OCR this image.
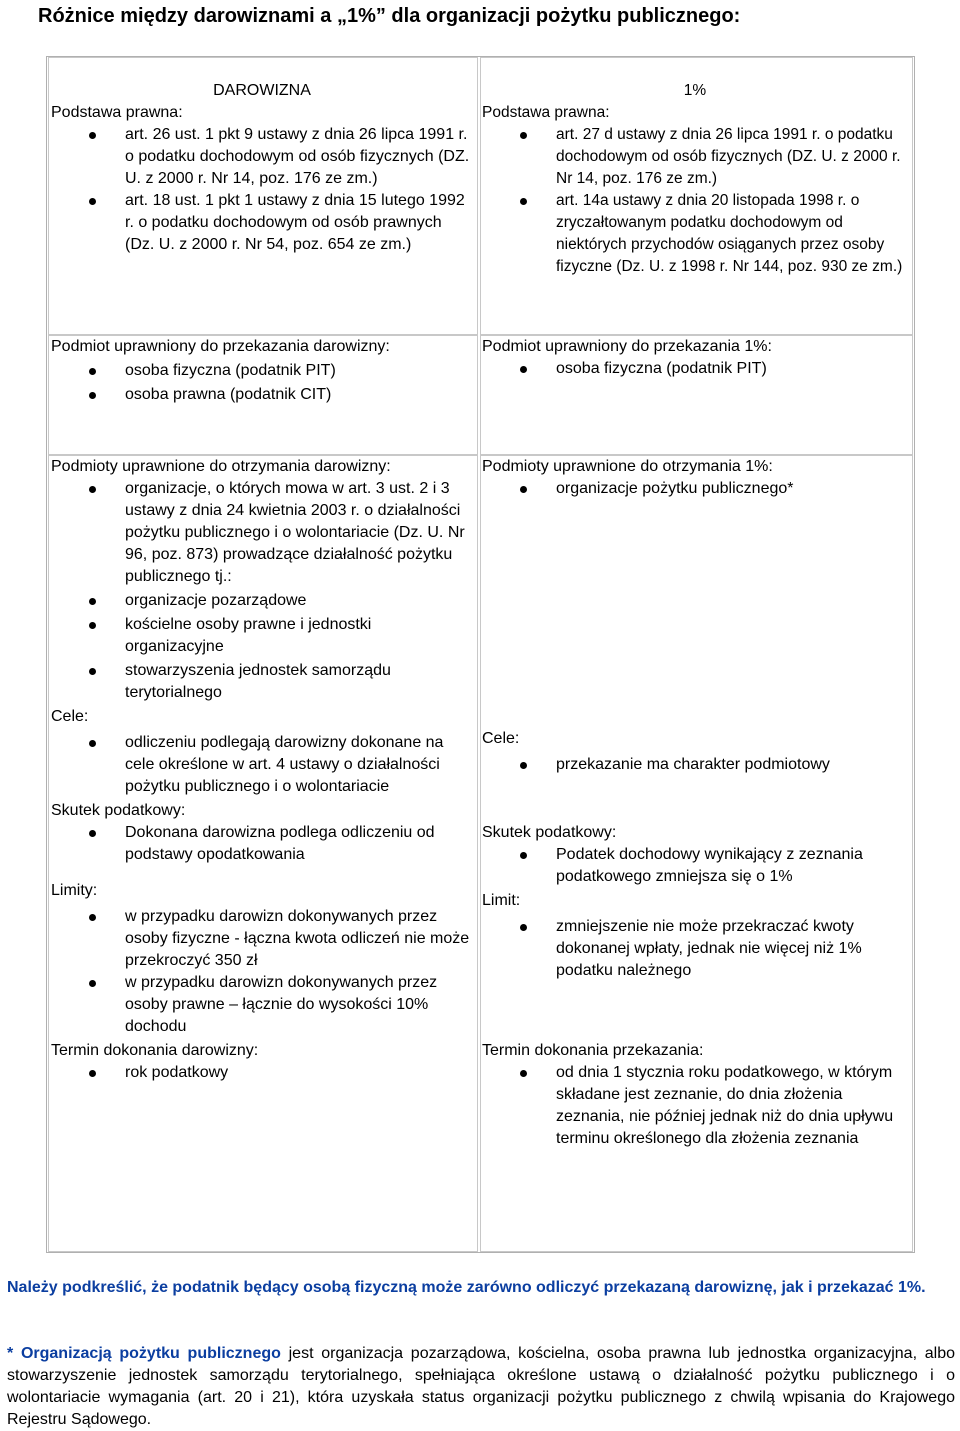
Różnice między darowiznami a „1%” dla organizacji pożytku publicznego:
DAROWIZNA
Podstawa prawna:
art. 26 ust. 1 pkt 9 ustawy z dnia 26 lipca 1991 r. o podatku dochodowym od osób fizycznych (DZ. U. z 2000 r. Nr 14, poz. 176 ze zm.)
art. 18 ust. 1 pkt 1 ustawy z dnia 15 lutego 1992 r. o podatku dochodowym od osób prawnych (Dz. U. z 2000 r. Nr 54, poz. 654 ze zm.)
1%
Podstawa prawna:
art. 27 d ustawy z dnia 26 lipca 1991 r. o podatku dochodowym od osób fizycznych (DZ. U. z 2000 r. Nr 14, poz. 176 ze zm.)
art. 14a ustawy z dnia 20 listopada 1998 r. o zryczałtowanym podatku dochodowym od niektórych przychodów osiąganych przez osoby fizyczne (Dz. U. z 1998 r. Nr 144, poz. 930 ze zm.)
Podmiot uprawniony do przekazania darowizny:
osoba fizyczna (podatnik PIT)
osoba prawna (podatnik CIT)
Podmiot uprawniony do przekazania 1%:
osoba fizyczna (podatnik PIT)
Podmioty uprawnione do otrzymania darowizny:
organizacje, o których mowa w art. 3 ust. 2 i 3 ustawy z dnia 24 kwietnia 2003 r. o działalności pożytku publicznego i o wolontariacie (Dz. U. Nr 96, poz. 873) prowadzące działalność pożytku publicznego tj.:
organizacje pozarządowe
kościelne osoby prawne i jednostki organizacyjne
stowarzyszenia jednostek samorządu terytorialnego
Cele:
odliczeniu podlegają darowizny dokonane na cele określone w art. 4 ustawy o działalności pożytku publicznego i o wolontariacie
Skutek podatkowy:
Dokonana darowizna podlega odliczeniu od podstawy opodatkowania
Limity:
w przypadku darowizn dokonywanych przez osoby fizyczne - łączna kwota odliczeń nie może przekroczyć 350 zł
w przypadku darowizn dokonywanych przez osoby prawne – łącznie do wysokości 10% dochodu
Termin dokonania darowizny:
rok podatkowy
Podmioty uprawnione do otrzymania 1%:
organizacje pożytku publicznego*
Cele:
przekazanie ma charakter podmiotowy
Skutek podatkowy:
Podatek dochodowy wynikający z zeznania podatkowego zmniejsza się o 1%
Limit:
zmniejszenie nie może przekraczać kwoty dokonanej wpłaty, jednak nie więcej niż 1% podatku należnego
Termin dokonania przekazania:
od dnia 1 stycznia roku podatkowego, w którym składane jest zeznanie, do dnia złożenia zeznania, nie później jednak niż do dnia upływu terminu określonego dla złożenia zeznania

Należy podkreślić, że podatnik będący osobą fizyczną może zarówno odliczyć przekazaną darowiznę, jak i przekazać 1%.

* Organizacją pożytku publicznego jest organizacja pozarządowa, kościelna, osoba prawna lub jednostka organizacyjna, albo stowarzyszenie jednostek samorządu terytorialnego, spełniająca określone ustawą o działalność pożytku publicznego i o wolontariacie wymagania (art. 20 i 21), która uzyskała status organizacji pożytku publicznego z chwilą wpisania do Krajowego Rejestru Sądowego.
